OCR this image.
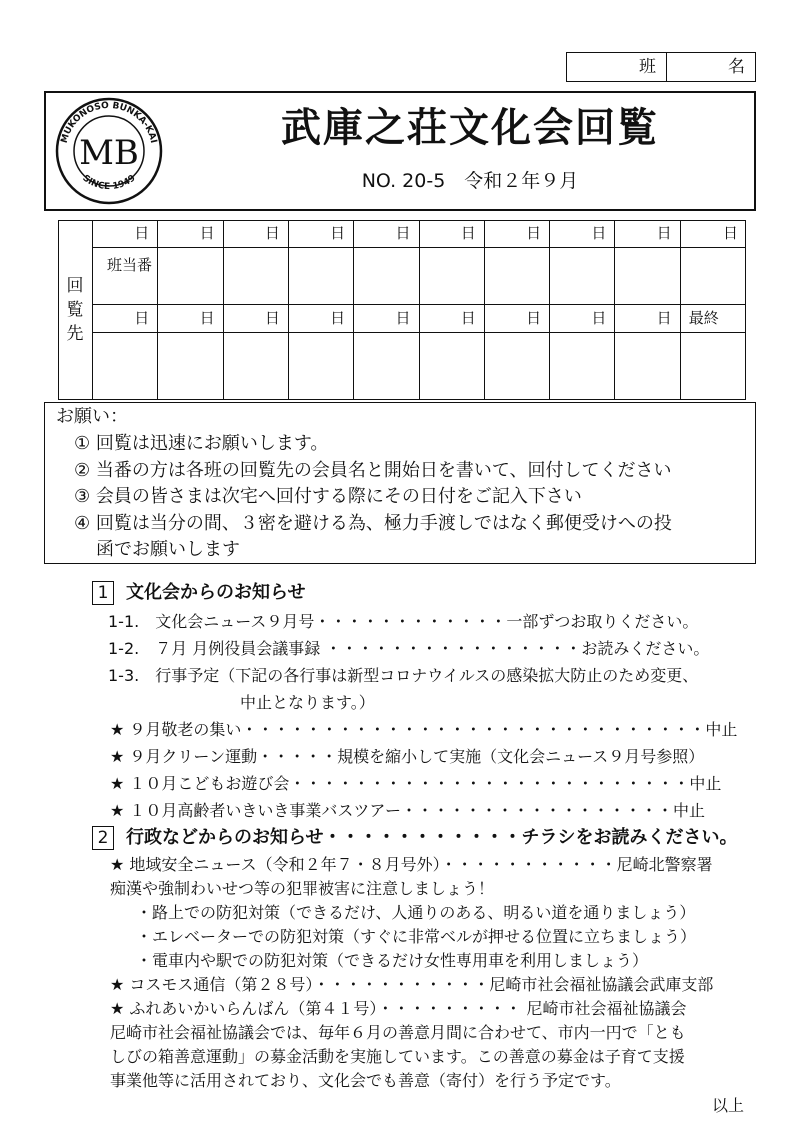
班	名
MUKONOSO BUNKA-KAI
SINCE 1949
MB
武庫之荘文化会回覧
NO. 20-5　令和２年９月
回
覧
先
日	日	日	日	日	日	日	日	日	日
班当番
日	日	日	日	日	日	日	日	日	最終
お願い：
① 回覧は迅速にお願いします。
② 当番の方は各班の回覧先の会員名と開始日を書いて、回付してください
③ 会員の皆さまは次宅へ回付する際にその日付をご記入下さい
④ 回覧は当分の間、３密を避ける為、極力手渡しではなく郵便受けへの投
函でお願いします
1 文化会からのお知らせ
1-1.　文化会ニュース９月号・・・・・・・・・・・・一部ずつお取りください。
1-2.　７月 月例役員会議事録 ・・・・・・・・・・・・・・・・お読みください。
1-3.　行事予定（下記の各行事は新型コロナウイルスの感染拡大防止のため変更、
中止となります。）
★ ９月敬老の集い・・・・・・・・・・・・・・・・・・・・・・・・・・・・・中止
★ ９月クリーン運動・・・・・規模を縮小して実施（文化会ニュース９月号参照）
★ １０月こどもお遊び会・・・・・・・・・・・・・・・・・・・・・・・・・中止
★ １０月高齢者いきいき事業バスツアー・・・・・・・・・・・・・・・・・中止
2 行政などからのお知らせ・・・・・・・・・・・チラシをお読みください。
★ 地域安全ニュース（令和２年７・８月号外）・・・・・・・・・・・尼崎北警察署
痴漢や強制わいせつ等の犯罪被害に注意しましょう！
・路上での防犯対策（できるだけ、人通りのある、明るい道を通りましょう）
・エレベーターでの防犯対策（すぐに非常ベルが押せる位置に立ちましょう）
・電車内や駅での防犯対策（できるだけ女性専用車を利用しましょう）
★ コスモス通信（第２８号）・・・・・・・・・・・尼崎市社会福祉協議会武庫支部
★ ふれあいかいらんばん（第４１号）・・・・・・・・・ 尼崎市社会福祉協議会
尼崎市社会福祉協議会では、毎年６月の善意月間に合わせて、市内一円で「とも
しびの箱善意運動」の募金活動を実施しています。この善意の募金は子育て支援
事業他等に活用されており、文化会でも善意（寄付）を行う予定です。
以上
